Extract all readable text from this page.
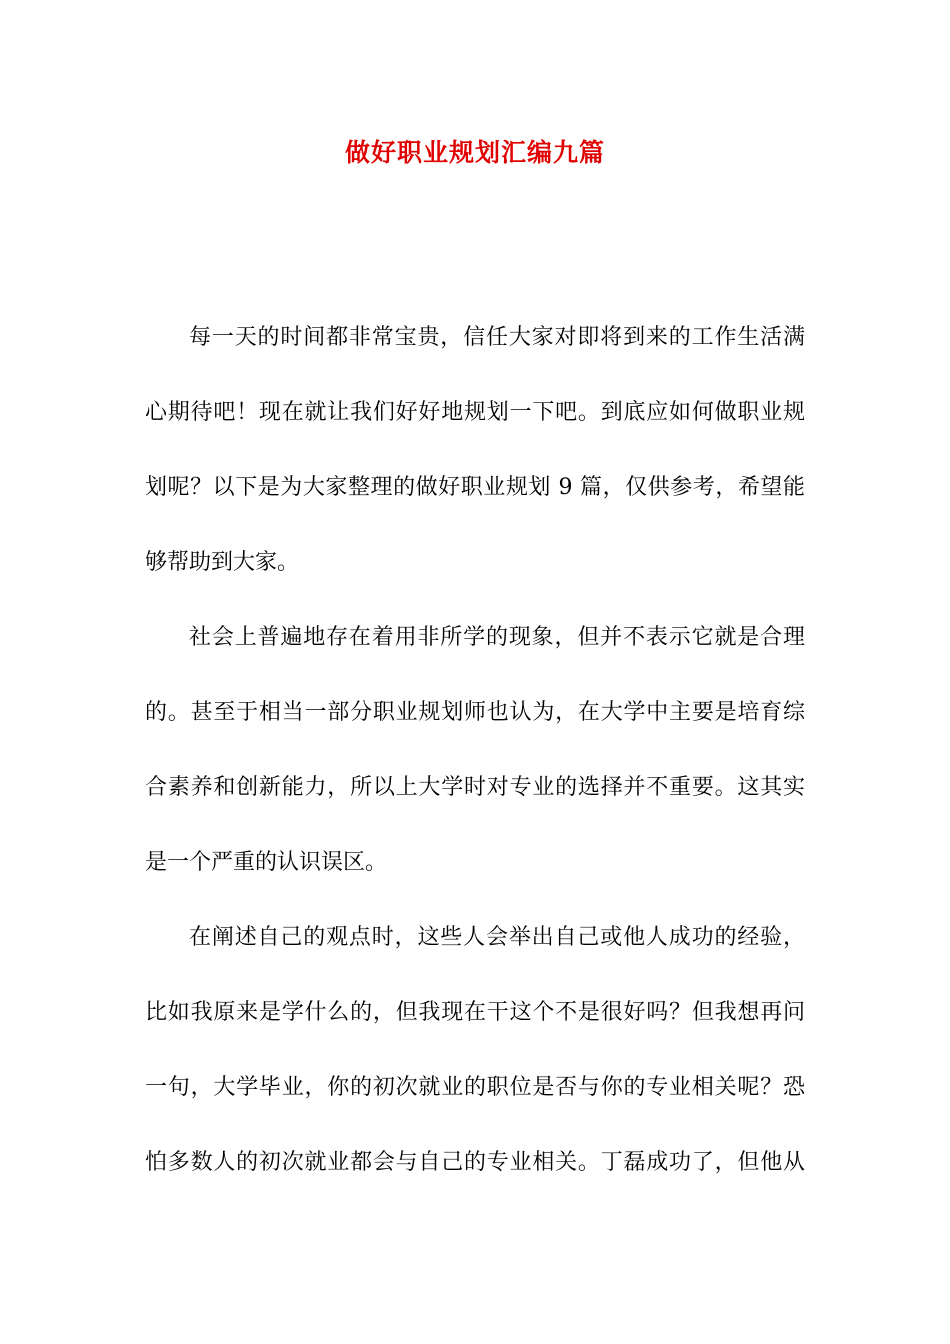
做好职业规划汇编九篇
每一天的时间都非常宝贵，信任大家对即将到来的工作生活满
心期待吧！现在就让我们好好地规划一下吧。到底应如何做职业规
划呢？以下是为大家整理的做好职业规划 9 篇，仅供参考，希望能
够帮助到大家。
社会上普遍地存在着用非所学的现象，但并不表示它就是合理
的。甚至于相当一部分职业规划师也认为，在大学中主要是培育综
合素养和创新能力，所以上大学时对专业的选择并不重要。这其实
是一个严重的认识误区。
在阐述自己的观点时，这些人会举出自己或他人成功的经验，
比如我原来是学什么的，但我现在干这个不是很好吗？但我想再问
一句，大学毕业，你的初次就业的职位是否与你的专业相关呢？恐
怕多数人的初次就业都会与自己的专业相关。丁磊成功了，但他从
